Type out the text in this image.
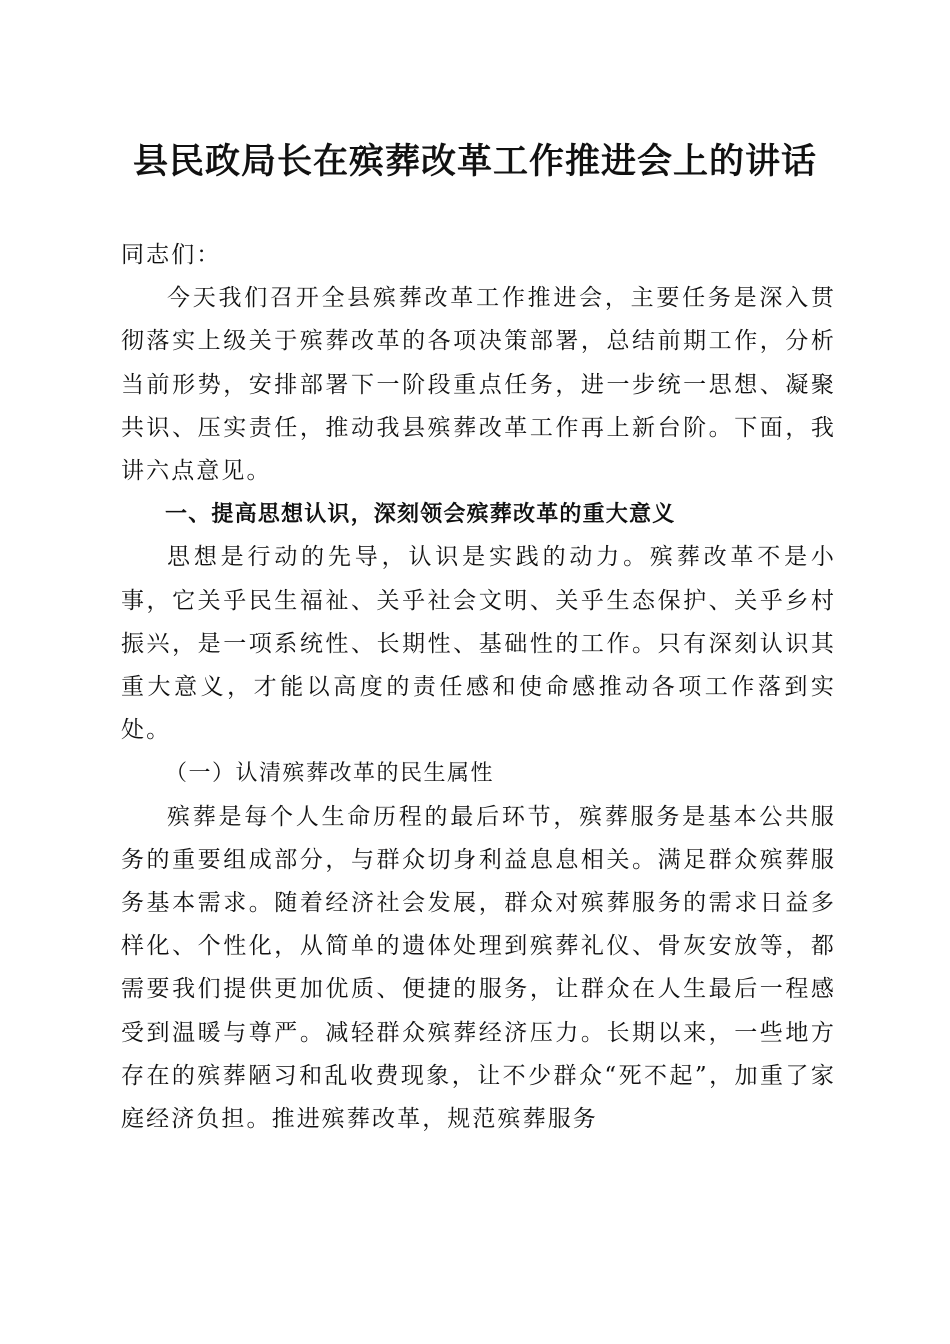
县民政局长在殡葬改革工作推进会上的讲话

同志们：

今天我们召开全县殡葬改革工作推进会，主要任务是深入贯彻落实上级关于殡葬改革的各项决策部署，总结前期工作，分析当前形势，安排部署下一阶段重点任务，进一步统一思想、凝聚共识、压实责任，推动我县殡葬改革工作再上新台阶。下面，我讲六点意见。

一、提高思想认识，深刻领会殡葬改革的重大意义

思想是行动的先导，认识是实践的动力。殡葬改革不是小事，它关乎民生福祉、关乎社会文明、关乎生态保护、关乎乡村振兴，是一项系统性、长期性、基础性的工作。只有深刻认识其重大意义，才能以高度的责任感和使命感推动各项工作落到实处。

（一）认清殡葬改革的民生属性

殡葬是每个人生命历程的最后环节，殡葬服务是基本公共服务的重要组成部分，与群众切身利益息息相关。满足群众殡葬服务基本需求。随着经济社会发展，群众对殡葬服务的需求日益多样化、个性化，从简单的遗体处理到殡葬礼仪、骨灰安放等，都需要我们提供更加优质、便捷的服务，让群众在人生最后一程感受到温暖与尊严。减轻群众殡葬经济压力。长期以来，一些地方存在的殡葬陋习和乱收费现象，让不少群众“死不起”，加重了家庭经济负担。推进殡葬改革，规范殡葬服务
